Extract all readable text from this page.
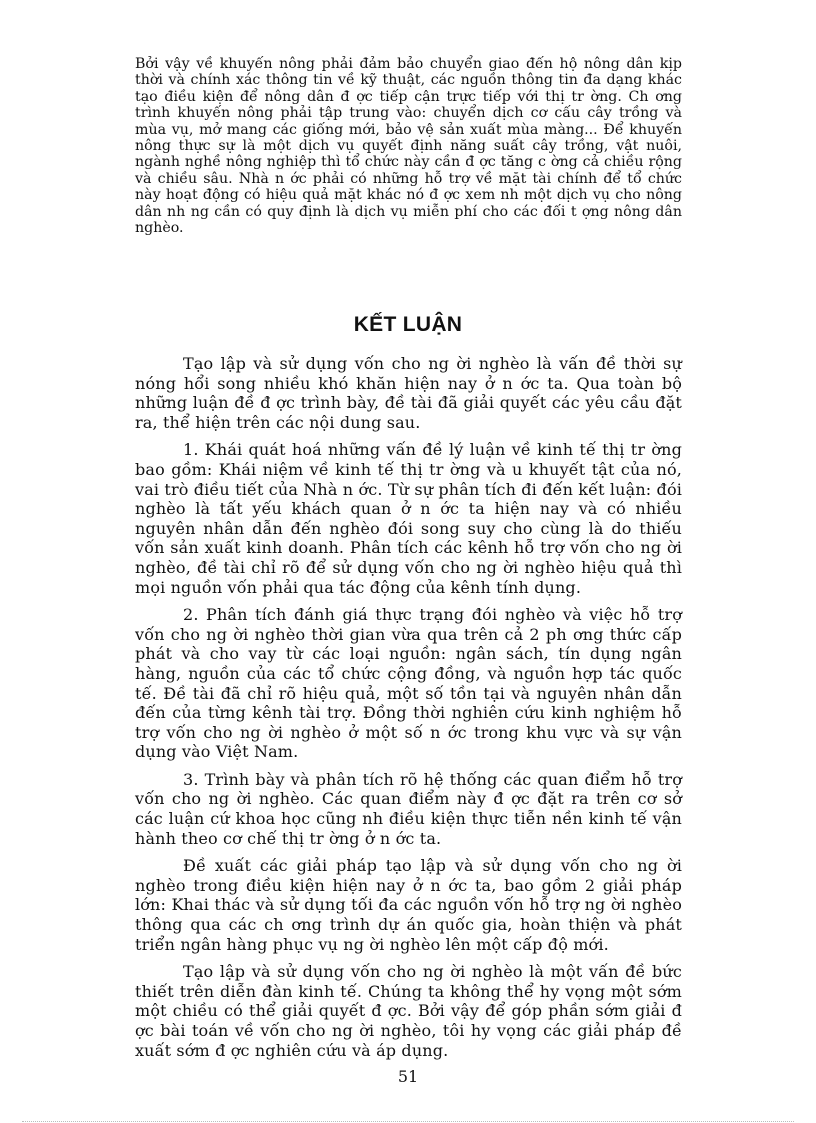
Bởi vậy về khuyến nông phải đảm bảo chuyển giao đến hộ nông dân kịp thời và chính xác thông tin về kỹ thuật, các nguồn thông tin đa dạng khác tạo điều kiện để nông dân đ ợc tiếp cận trực tiếp với thị tr ờng. Ch ơng trình khuyến nông phải tập trung vào: chuyển dịch cơ cấu cây trồng và mùa vụ, mở mang các giống mới, bảo vệ sản xuất mùa màng... Để khuyến nông thực sự là một dịch vụ quyết định năng suất cây trồng, vật nuôi, ngành nghề nông nghiệp thì tổ chức này cần đ ợc tăng c ờng cả chiều rộng và chiều sâu. Nhà n ớc phải có những hỗ trợ về mặt tài chính để tổ chức này hoạt động có hiệu quả mặt khác nó đ ợc xem nh một dịch vụ cho nông dân nh ng cần có quy định là dịch vụ miễn phí cho các đối t ợng nông dân nghèo.

KẾT LUẬN

Tạo lập và sử dụng vốn cho ng ời nghèo là vấn đề thời sự nóng hổi song nhiều khó khăn hiện nay ở n ớc ta. Qua toàn bộ những luận đề đ ợc trình bày, đề tài đã giải quyết các yêu cầu đặt ra, thể hiện trên các nội dung sau.

1. Khái quát hoá những vấn đề lý luận về kinh tế thị tr ờng bao gồm: Khái niệm về kinh tế thị tr ờng và u khuyết tật của nó, vai trò điều tiết của Nhà n ớc. Từ sự phân tích đi đến kết luận: đói nghèo là tất yếu khách quan ở n ớc ta hiện nay và có nhiều nguyên nhân dẫn đến nghèo đói song suy cho cùng là do thiếu vốn sản xuất kinh doanh. Phân tích các kênh hỗ trợ vốn cho ng ời nghèo, đề tài chỉ rõ để sử dụng vốn cho ng ời nghèo hiệu quả thì mọi nguồn vốn phải qua tác động của kênh tính dụng.

2. Phân tích đánh giá thực trạng đói nghèo và việc hỗ trợ vốn cho ng ời nghèo thời gian vừa qua trên cả 2 ph ơng thức cấp phát và cho vay từ các loại nguồn: ngân sách, tín dụng ngân hàng, nguồn của các tổ chức cộng đồng, và nguồn hợp tác quốc tế. Đề tài đã chỉ rõ hiệu quả, một số tồn tại và nguyên nhân dẫn đến của từng kênh tài trợ. Đồng thời nghiên cứu kinh nghiệm hỗ trợ vốn cho ng ời nghèo ở một số n ớc trong khu vực và sự vận dụng vào Việt Nam.

3. Trình bày và phân tích rõ hệ thống các quan điểm hỗ trợ vốn cho ng ời nghèo. Các quan điểm này đ ợc đặt ra trên cơ sở các luận cứ khoa học cũng nh điều kiện thực tiễn nền kinh tế vận hành theo cơ chế thị tr ờng ở n ớc ta.

Đề xuất các giải pháp tạo lập và sử dụng vốn cho ng ời nghèo trong điều kiện hiện nay ở n ớc ta, bao gồm 2 giải pháp lớn: Khai thác và sử dụng tối đa các nguồn vốn hỗ trợ ng ời nghèo thông qua các ch ơng trình dự án quốc gia, hoàn thiện và phát triển ngân hàng phục vụ ng ời nghèo lên một cấp độ mới.

Tạo lập và sử dụng vốn cho ng ời nghèo là một vấn đề bức thiết trên diễn đàn kinh tế. Chúng ta không thể hy vọng một sớm một chiều có thể giải quyết đ ợc. Bởi vậy để góp phần sớm giải đ ợc bài toán về vốn cho ng ời nghèo, tôi hy vọng các giải pháp đề xuất sớm đ ợc nghiên cứu và áp dụng.

51
